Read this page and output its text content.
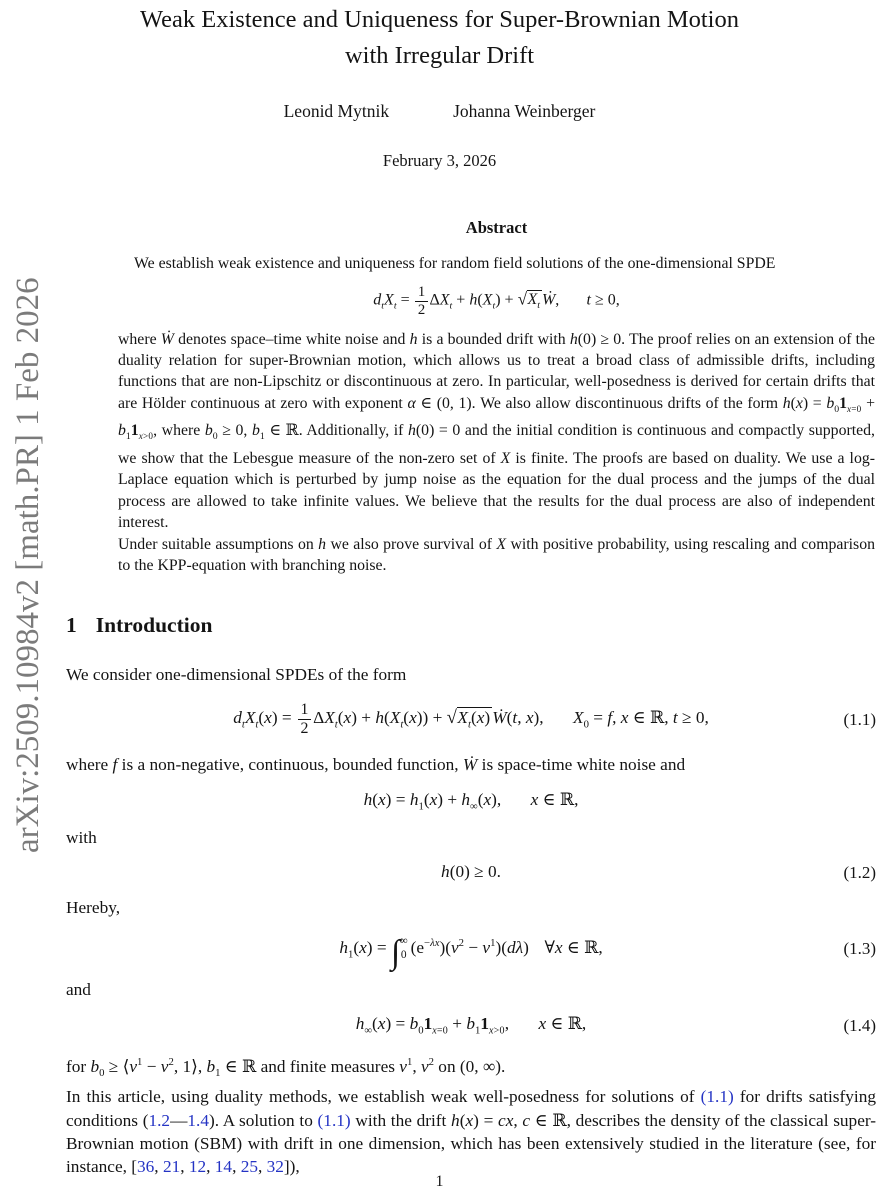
arXiv:2509.10984v2 [math.PR] 1 Feb 2026
Weak Existence and Uniqueness for Super-Brownian Motion
with Irregular Drift
Leonid Mytnik	Johanna Weinberger
February 3, 2026
Abstract

We establish weak existence and uniqueness for random field solutions of the one-dimensional SPDE

$d_tX_t = \frac{1}{2} \Delta X_t + h(X_t) + √X_t$ Ẇ, t ≥ 0,

where Ẇ denotes space–time white noise and h is a bounded drift with h(0) ≥ 0. The proof relies on an extension of the duality relation for super-Brownian motion, which allows us to treat a broad class of admissible drifts, including functions that are non-Lipschitz or discontinuous at zero. In particular, well-posedness is derived for certain drifts that are Hölder continuous at zero with exponent α ∈ (0, 1). We also allow discontinuous drifts of the form $h(x) = b_01_{x=0} + b_11_{x>0}$, where $b_0 \ge 0$, $b_1$ ∈ ℝ. Additionally, if h(0) = 0 and the initial condition is continuous and compactly supported, we show that the Lebesgue measure of the non-zero set of X is finite. The proofs are based on duality. We use a log-Laplace equation which is perturbed by jump noise as the equation for the dual process and the jumps of the dual process are allowed to take infinite values. We believe that the results for the dual process are also of independent interest.

Under suitable assumptions on h we also prove survival of X with positive probability, using rescaling and comparison to the KPP-equation with branching noise.

1 Introduction

We consider one-dimensional SPDEs of the form

$d_tX_t(x) = \frac{1}{2} \Delta X_t(x) + h(X_t(x)) + √X_t(x)$ Ẇ(t, x), $X_0 = f$, x ∈ ℝ, t ≥ 0,	(1.1)

where f is a non-negative, continuous, bounded function, Ẇ is space-time white noise and

$h(x) = h_1(x) + h_\infty(x)$, x ∈ ℝ,

with

h(0) ≥ 0.	(1.2)

Hereby,

$h_1(x)$ = ∫ ∞
0 $(e^{-\lambda x})(\nu^2 - \nu^1)(d\lambda)$ ∀x ∈ ℝ,	(1.3)

and

$h_\infty(x) = b_01_{x=0} + b_11_{x>0}$, x ∈ ℝ,	(1.4)

for $b_0$ ≥ $⟨\nu^1 - \nu^2$, 1⟩, $b_1$ ∈ ℝ and finite measures $\nu^1$, $\nu^2$ on (0, ∞).

In this article, using duality methods, we establish weak well-posedness for solutions of (1.1) for drifts satisfying conditions (1.2—1.4). A solution to (1.1) with the drift h(x) = cx, c ∈ ℝ, describes the density of the classical super-Brownian motion (SBM) with drift in one dimension, which has been extensively studied in the literature (see, for instance, [36, 21, 12, 14, 25, 32]),

1
